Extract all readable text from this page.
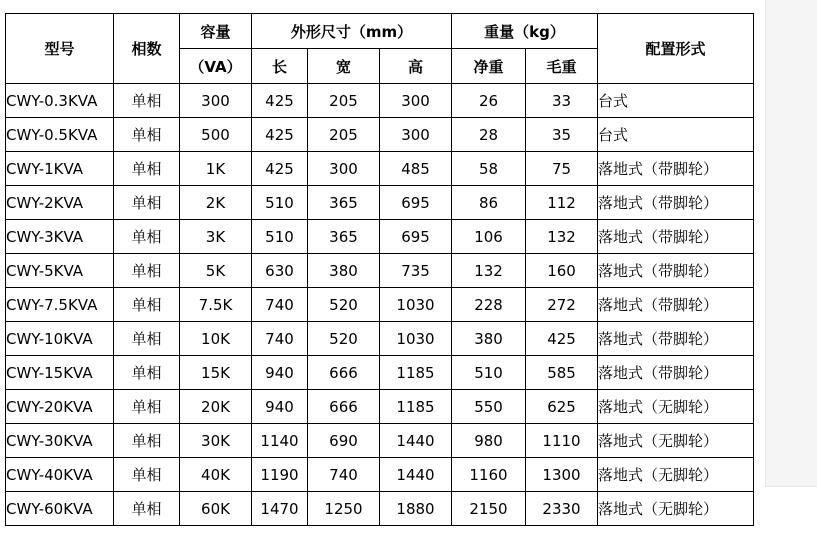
型号	相数	容量	外形尺寸（mm）			重量（kg）		配置形式
		（VA）	长	宽	高	净重	毛重	
CWY-0.3KVA	单相	300	425	205	300	26	33	台式
CWY-0.5KVA	单相	500	425	205	300	28	35	台式
CWY-1KVA	单相	1K	425	300	485	58	75	落地式（带脚轮）
CWY-2KVA	单相	2K	510	365	695	86	112	落地式（带脚轮）
CWY-3KVA	单相	3K	510	365	695	106	132	落地式（带脚轮）
CWY-5KVA	单相	5K	630	380	735	132	160	落地式（带脚轮）
CWY-7.5KVA	单相	7.5K	740	520	1030	228	272	落地式（带脚轮）
CWY-10KVA	单相	10K	740	520	1030	380	425	落地式（带脚轮）
CWY-15KVA	单相	15K	940	666	1185	510	585	落地式（带脚轮）
CWY-20KVA	单相	20K	940	666	1185	550	625	落地式（无脚轮）
CWY-30KVA	单相	30K	1140	690	1440	980	1110	落地式（无脚轮）
CWY-40KVA	单相	40K	1190	740	1440	1160	1300	落地式（无脚轮）
CWY-60KVA	单相	60K	1470	1250	1880	2150	2330	落地式（无脚轮）
